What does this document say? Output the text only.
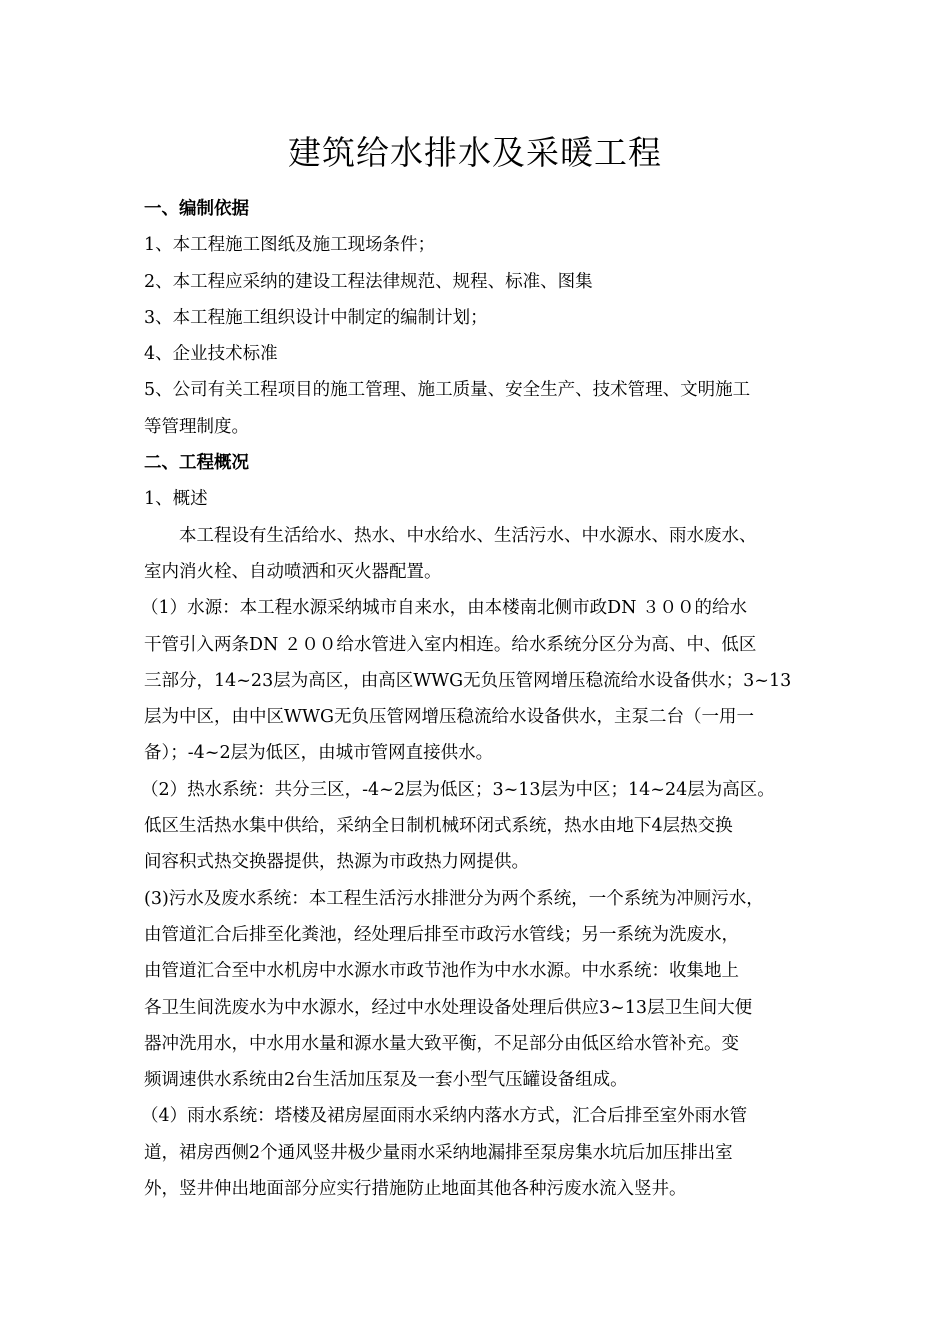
建筑给水排水及采暖工程
一、编制依据
1、本工程施工图纸及施工现场条件；
2、本工程应采纳的建设工程法律规范、规程、标准、图集
3、本工程施工组织设计中制定的编制计划；
4、企业技术标准
5、公司有关工程项目的施工管理、施工质量、安全生产、技术管理、文明施工
等管理制度。
二、工程概况
1、概述
本工程设有生活给水、热水、中水给水、生活污水、中水源水、雨水废水、
室内消火栓、自动喷洒和灭火器配置。
（1）水源：本工程水源采纳城市自来水，由本楼南北侧市政DN ３００的给水
干管引入两条DN ２００给水管进入室内相连。给水系统分区分为高、中、低区
三部分，14~23层为高区，由高区WWG无负压管网增压稳流给水设备供水；3~13
层为中区，由中区WWG无负压管网增压稳流给水设备供水，主泵二台（一用一
备）；-4~2层为低区，由城市管网直接供水。
（2）热水系统：共分三区，-4~2层为低区；3~13层为中区；14~24层为高区。
低区生活热水集中供给，采纳全日制机械环闭式系统，热水由地下4层热交换
间容积式热交换器提供，热源为市政热力网提供。
(3)污水及废水系统：本工程生活污水排泄分为两个系统，一个系统为冲厕污水，
由管道汇合后排至化粪池，经处理后排至市政污水管线；另一系统为洗废水，
由管道汇合至中水机房中水源水市政节池作为中水水源。中水系统：收集地上
各卫生间洗废水为中水源水，经过中水处理设备处理后供应3~13层卫生间大便
器冲洗用水，中水用水量和源水量大致平衡，不足部分由低区给水管补充。变
频调速供水系统由2台生活加压泵及一套小型气压罐设备组成。
（4）雨水系统：塔楼及裙房屋面雨水采纳内落水方式，汇合后排至室外雨水管
道，裙房西侧2个通风竖井极少量雨水采纳地漏排至泵房集水坑后加压排出室
外，竖井伸出地面部分应实行措施防止地面其他各种污废水流入竖井。
